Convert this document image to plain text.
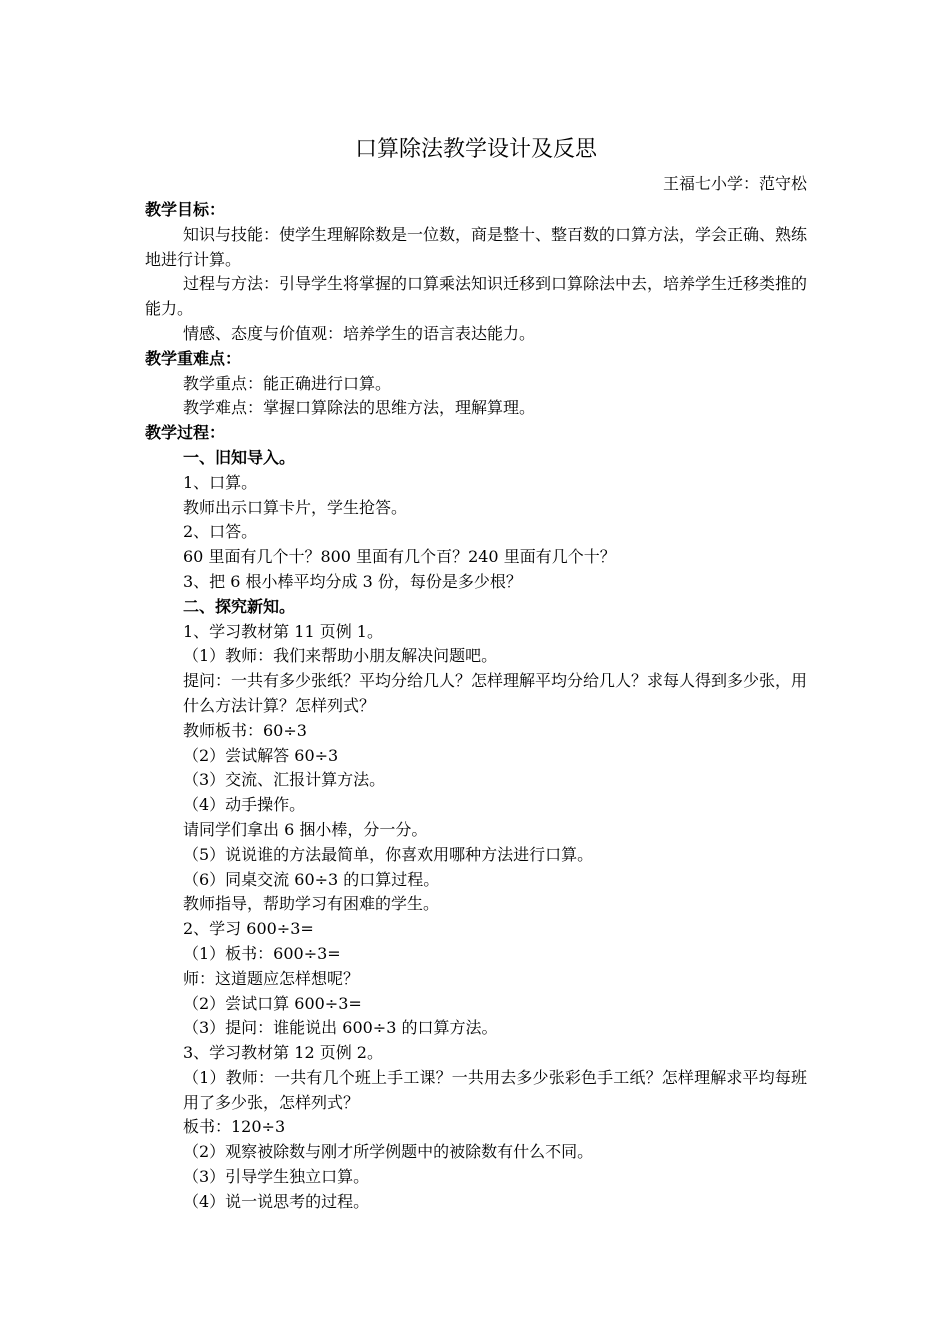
口算除法教学设计及反思

王福七小学：范守松

教学目标：

知识与技能：使学生理解除数是一位数，商是整十、整百数的口算方法，学会正确、熟练地进行计算。

过程与方法：引导学生将掌握的口算乘法知识迁移到口算除法中去，培养学生迁移类推的能力。

情感、态度与价值观：培养学生的语言表达能力。

教学重难点：

教学重点：能正确进行口算。

教学难点：掌握口算除法的思维方法，理解算理。

教学过程：

一、旧知导入。

1、口算。

教师出示口算卡片，学生抢答。

2、口答。

60 里面有几个十？800 里面有几个百？240 里面有几个十？

3、把 6 根小棒平均分成 3 份，每份是多少根？

二、探究新知。

1、学习教材第 11 页例 1。

（1）教师：我们来帮助小朋友解决问题吧。

提问：一共有多少张纸？平均分给几人？怎样理解平均分给几人？求每人得到多少张，用什么方法计算？怎样列式？

教师板书：60÷3

（2）尝试解答 60÷3

（3）交流、汇报计算方法。

（4）动手操作。

请同学们拿出 6 捆小棒，分一分。

（5）说说谁的方法最简单，你喜欢用哪种方法进行口算。

（6）同桌交流 60÷3 的口算过程。

教师指导，帮助学习有困难的学生。

2、学习 600÷3=

（1）板书：600÷3=

师：这道题应怎样想呢？

（2）尝试口算 600÷3=

（3）提问：谁能说出 600÷3 的口算方法。

3、学习教材第 12 页例 2。

（1）教师：一共有几个班上手工课？一共用去多少张彩色手工纸？怎样理解求平均每班用了多少张，怎样列式？

板书：120÷3

（2）观察被除数与刚才所学例题中的被除数有什么不同。

（3）引导学生独立口算。

（4）说一说思考的过程。
